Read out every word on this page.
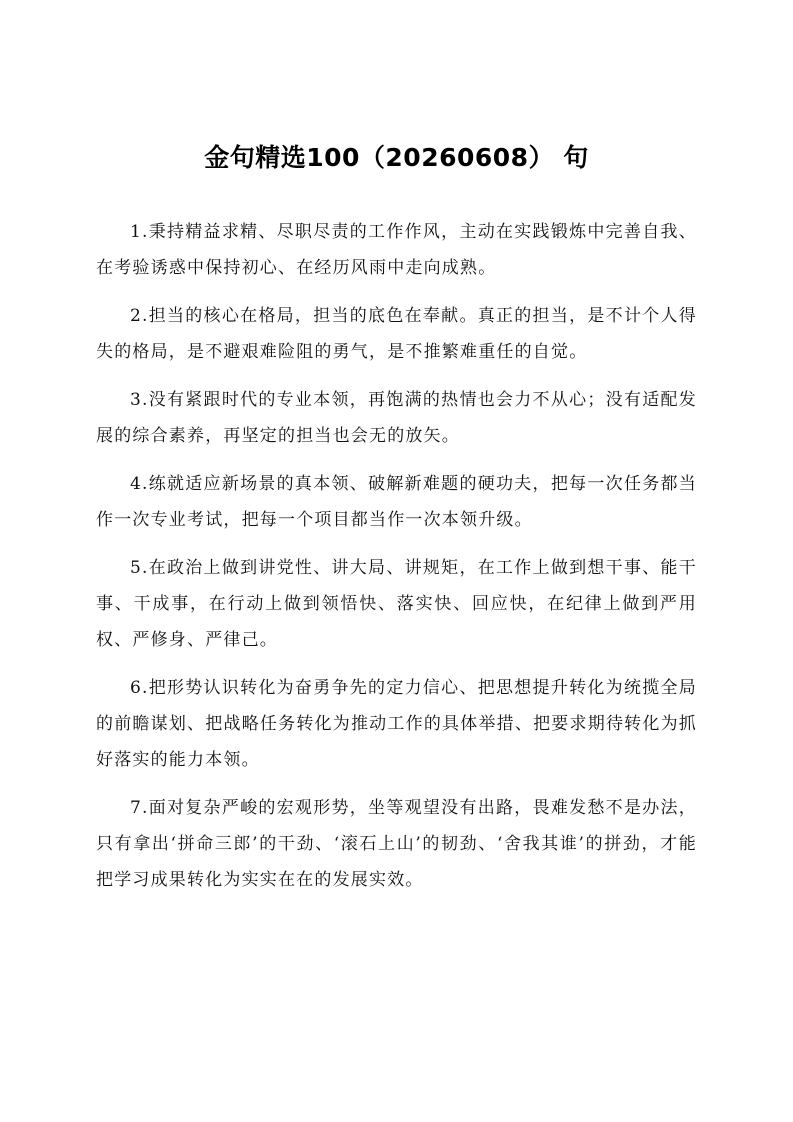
金句精选100（20260608） 句

1.秉持精益求精、尽职尽责的工作作风，主动在实践锻炼中完善自我、在考验诱惑中保持初心、在经历风雨中走向成熟。

2.担当的核心在格局，担当的底色在奉献。真正的担当，是不计个人得失的格局，是不避艰难险阻的勇气，是不推繁难重任的自觉。

3.没有紧跟时代的专业本领，再饱满的热情也会力不从心；没有适配发展的综合素养，再坚定的担当也会无的放矢。

4.练就适应新场景的真本领、破解新难题的硬功夫，把每一次任务都当作一次专业考试，把每一个项目都当作一次本领升级。

5.在政治上做到讲党性、讲大局、讲规矩，在工作上做到想干事、能干事、干成事，在行动上做到领悟快、落实快、回应快，在纪律上做到严用权、严修身、严律己。

6.把形势认识转化为奋勇争先的定力信心、把思想提升转化为统揽全局的前瞻谋划、把战略任务转化为推动工作的具体举措、把要求期待转化为抓好落实的能力本领。

7.面对复杂严峻的宏观形势，坐等观望没有出路，畏难发愁不是办法，只有拿出‘拼命三郎’的干劲、‘滚石上山’的韧劲、‘舍我其谁’的拼劲，才能把学习成果转化为实实在在的发展实效。
